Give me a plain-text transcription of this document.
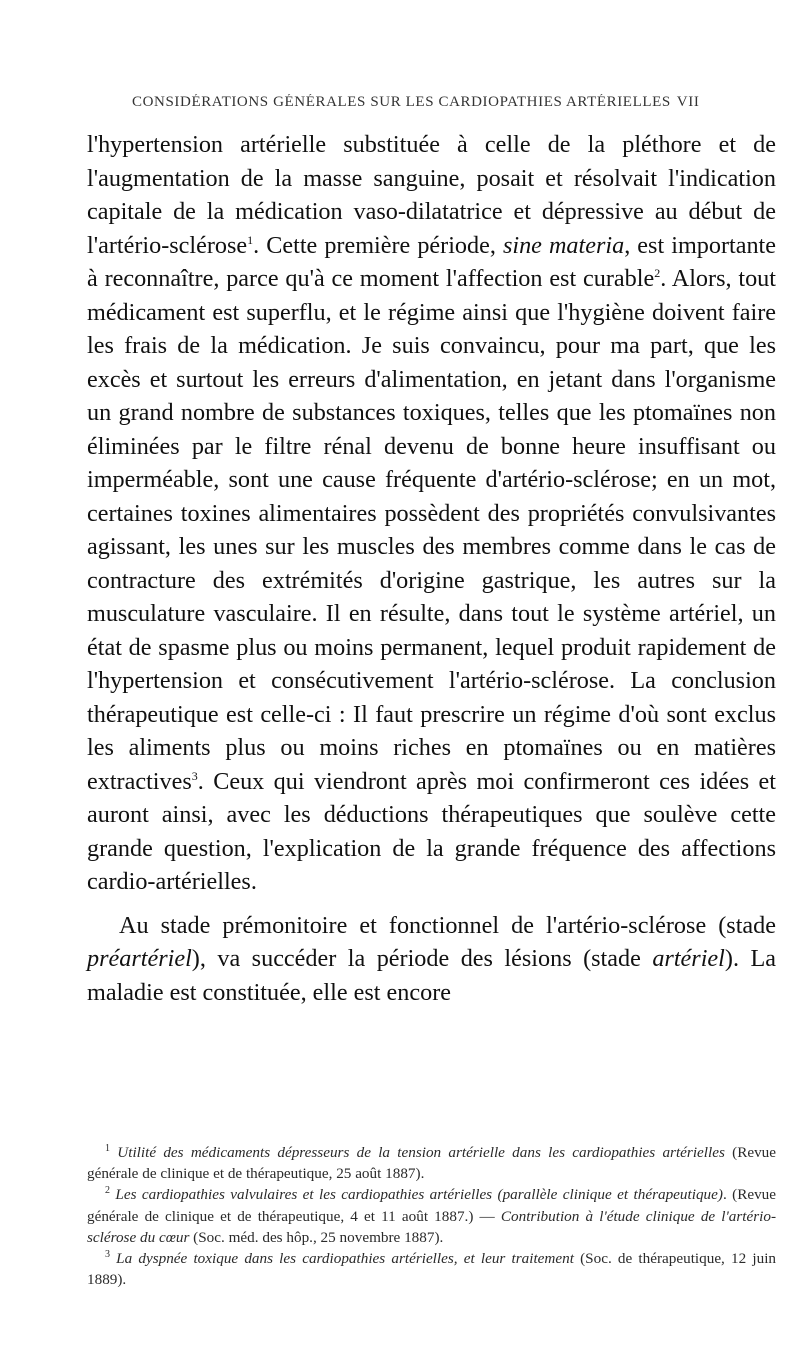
CONSIDÉRATIONS GÉNÉRALES SUR LES CARDIOPATHIES ARTÉRIELLES VII

l'hypertension artérielle substituée à celle de la pléthore et de l'augmentation de la masse sanguine, posait et résolvait l'indication capitale de la médication vaso-dilatatrice et dépressive au début de l'artério-sclérose$^1$. Cette première période, sine materia, est importante à reconnaître, parce qu'à ce moment l'affection est curable$^2$. Alors, tout médicament est superflu, et le régime ainsi que l'hygiène doivent faire les frais de la médication. Je suis convaincu, pour ma part, que les excès et surtout les erreurs d'alimentation, en jetant dans l'organisme un grand nombre de substances toxiques, telles que les ptomaïnes non éliminées par le filtre rénal devenu de bonne heure insuffisant ou imperméable, sont une cause fréquente d'artério-sclérose; en un mot, certaines toxines alimentaires possèdent des propriétés convulsivantes agissant, les unes sur les muscles des membres comme dans le cas de contracture des extrémités d'origine gastrique, les autres sur la musculature vasculaire. Il en résulte, dans tout le système artériel, un état de spasme plus ou moins permanent, lequel produit rapidement de l'hypertension et consécutivement l'artério-sclérose. La conclusion thérapeutique est celle-ci : Il faut prescrire un régime d'où sont exclus les aliments plus ou moins riches en ptomaïnes ou en matières extractives$^3$. Ceux qui viendront après moi confirmeront ces idées et auront ainsi, avec les déductions thérapeutiques que soulève cette grande question, l'explication de la grande fréquence des affections cardio-artérielles.

Au stade prémonitoire et fonctionnel de l'artério-sclérose (stade préartériel), va succéder la période des lésions (stade artériel). La maladie est constituée, elle est encore

$^1$ Utilité des médicaments dépresseurs de la tension artérielle dans les cardiopathies artérielles (Revue générale de clinique et de thérapeutique, 25 août 1887).

$^2$ Les cardiopathies valvulaires et les cardiopathies artérielles (parallèle clinique et thérapeutique). (Revue générale de clinique et de thérapeutique, 4 et 11 août 1887.) — Contribution à l'étude clinique de l'artério-sclérose du cœur (Soc. méd. des hôp., 25 novembre 1887).

$^3$ La dyspnée toxique dans les cardiopathies artérielles, et leur traitement (Soc. de thérapeutique, 12 juin 1889).
